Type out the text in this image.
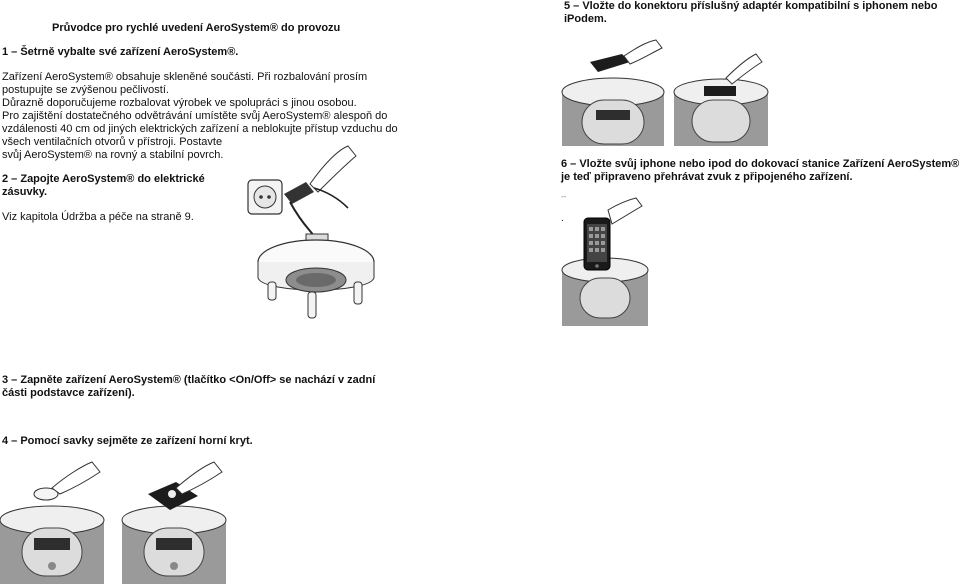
Průvodce pro rychlé uvedení AeroSystem® do provozu

1 – Šetrně vybalte své zařízení AeroSystem®.

Zařízení AeroSystem® obsahuje skleněné součásti. Při rozbalování prosím

postupujte se zvýšenou pečlivostí.

Důrazně doporučujeme rozbalovat výrobek ve spolupráci s jinou osobou.

Pro zajištění dostatečného odvětrávání umístěte svůj AeroSystem® alespoň do

vzdálenosti 40 cm od jiných elektrických zařízení a neblokujte přístup vzduchu do

všech ventilačních otvorů v přístroji. Postavte

svůj AeroSystem® na rovný a stabilní povrch.

2 – Zapojte AeroSystem® do elektrické

zásuvky.

Viz kapitola Údržba a péče na straně 9.

3 – Zapněte zařízení AeroSystem® (tlačítko <On/Off> se nachází v zadní

části podstavce zařízení).

4 – Pomocí savky sejměte ze zařízení horní kryt.

5 – Vložte do konektoru příslušný adaptér kompatibilní s iphonem nebo

iPodem.

6 – Vložte svůj iphone nebo ipod do dokovací stanice Zařízení AeroSystem®

je teď připraveno přehrávat zvuk z připojeného zařízení.

--

.
